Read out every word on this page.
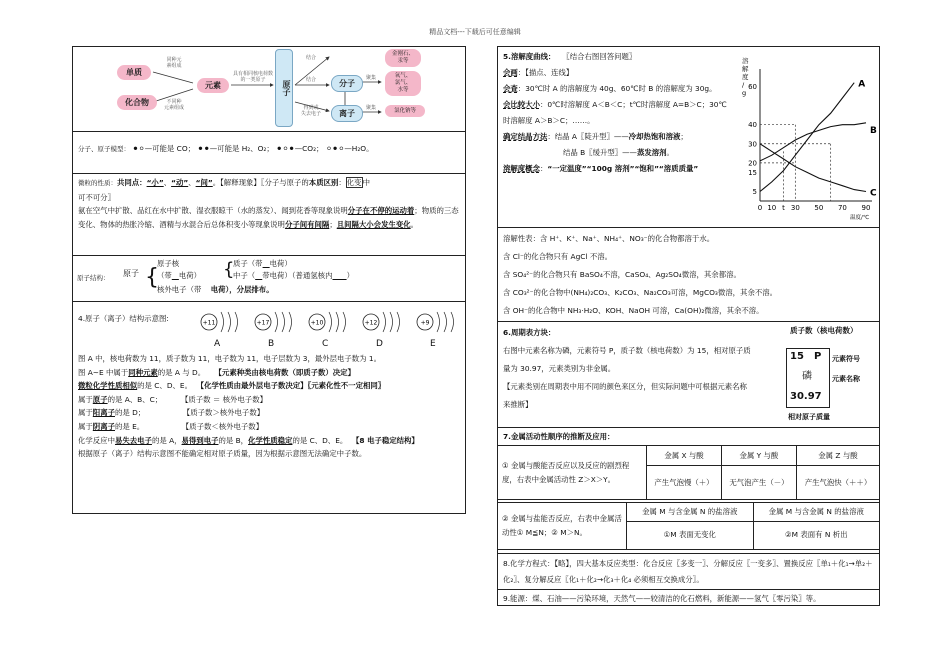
精品文档---下载后可任意编辑
单质
化合物
元素	原子	分子
离子
同种元
素组成
不同种
元素组成
具有相同核电荷数
的一类原子
结合
结合
得到或
失去电子
聚集
聚集
金刚石、
汞等
氧气、
氯气、
水等
氯化钠等
分子、原子模型： ⚫⚪—可能是 CO； ⚫⚫—可能是 H₂、O₂； ⚫⚪⚫—CO₂； ⚪⚫⚪—H₂O。

微粒的性质：共同点：“小”、“动”、“间”。【解释现象】〖分子与原子的本质区别：化变中

可不可分〗

氨在空气中扩散、品红在水中扩散、湿衣服晾干（水的蒸发）、闻到花香等现象说明分子在不停的运动着；物质的三态变化、物体的热胀冷缩、酒精与水混合后总体积变小等现象说明分子间有间隔；且间隔大小会发生变化。

原子结构： 原子 {
原子核
（带 电荷）
核外电子（带 电荷），分层排布。
{
质子（带 电荷）
中子（ 带电荷）（普通氢核内 ）
4.原子（离子）结构示意图:	+11	+17	+10	+12	+9
A	B	C	D	E

图 A 中，核电荷数为 11，质子数为 11，电子数为 11，电子层数为 3，最外层电子数为 1。

图 A~E 中属于同种元素的是 A 与 D。 【元素种类由核电荷数（即质子数）决定】

微粒化学性质相似的是 C、D、E。 【化学性质由最外层电子数决定】〖元素化性不一定相同〗

属于原子的是 A、B、C；	【质子数 ＝ 核外电子数】

属于阳离子的是 D；	【质子数＞核外电子数】

属于阴离子的是 E。	【质子数＜核外电子数】

化学反应中易失去电子的是 A，易得到电子的是 B，化学性质稳定的是 C、D、E。 【8 电子稳定结构】

根据原子（离子）结构示意图不能确定相对原子质量，因为根据示意图无法确定中子数。

5.溶解度曲线： 〖结合右图回答问题〗

会画：【描点、连线】

会查：30℃时 A 的溶解度为 40g、60℃时 B 的溶解度为 30g。

会比较大小：0℃时溶解度 A＜B＜C；t℃时溶解度 A=B＞C；30℃时溶解度 A＞B＞C；……。

确定结晶方法：结晶 A〖陡升型〗——冷却热饱和溶液；

结晶 B〖缓升型〗——蒸发溶剂。

溶解度概念：“一定温度”“100g 溶剂”“饱和”“溶质质量”

溶
解
度
/
g
温度/℃
60
40
30
20
15
5
0 10 t 30 50 70 90
A
B
C

溶解性表：含 H⁺、K⁺、Na⁺、NH₄⁺、NO₃⁻的化合物都溶于水。

含 Cl⁻的化合物只有 AgCl 不溶。

含 SO₄²⁻的化合物只有 BaSO₄不溶，CaSO₄、Ag₂SO₄微溶，其余都溶。

含 CO₃²⁻的化合物中(NH₄)₂CO₃、K₂CO₃、Na₂CO₃可溶，MgCO₃微溶，其余不溶。

含 OH⁻的化合物中 NH₃·H₂O、KOH、NaOH 可溶，Ca(OH)₂微溶，其余不溶。

6.周期表方块：

右图中元素名称为磷，元素符号 P，质子数（核电荷数）为 15，相对原子质量为 30.97，元素类别为非金属。

【元素类别在周期表中用不同的颜色来区分，但实际问题中可根据元素名称来推断】

质子数（核电荷数）
15 P
磷
30.97
元素符号
元素名称
相对原子质量
7.金属活动性顺序的推断及应用：
① 金属与酸能否反应以及反应的剧烈程度，右表中金属活动性 Z＞X＞Y。	金属 X 与酸	金属 Y 与酸	金属 Z 与酸
	产生气泡慢（＋）	无气泡产生（－）	产生气泡快（＋＋）
② 金属与盐能否反应，右表中金属活动性① M≦N；② M＞N。	金属 M 与含金属 N 的盐溶液	金属 M 与含金属 N 的盐溶液
	①M 表面无变化	②M 表面有 N 析出

8.化学方程式：【略】，四大基本反应类型：化合反应〖多变一〗、分解反应〖一变多〗、置换反应〖单₁＋化₁→单₂＋化₂〗、复分解反应〖化₁＋化₂→化₃＋化₄ 必须相互交换成分〗。

9.能源：煤、石油——污染环境，天然气——较清洁的化石燃料，新能源——氢气〖零污染〗等。
